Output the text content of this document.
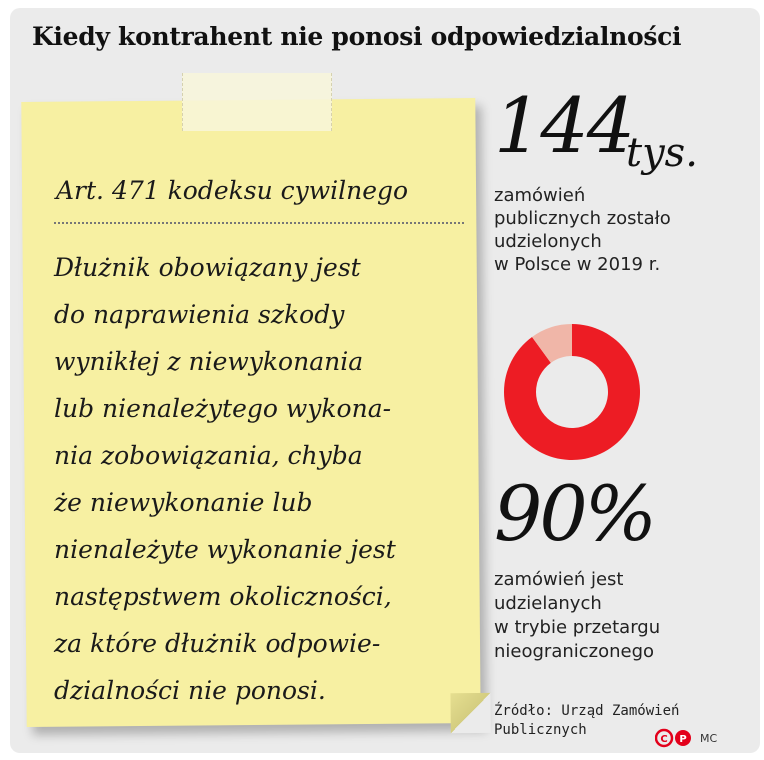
Kiedy kontrahent nie ponosi odpowiedzialności
Art. 471 kodeksu cywilnego
Dłużnik obowiązany jest
do naprawienia szkody
wynikłej z niewykonania
lub nienależytego wykona-
nia zobowiązania, chyba
że niewykonanie lub
nienależyte wykonanie jest
następstwem okoliczności,
za które dłużnik odpowie-
dzialności nie ponosi.
144
tys.
zamówień
publicznych zostało
udzielonych
w Polsce w 2019 r.
90%
zamówień jest
udzielanych
w trybie przetargu
nieograniczonego
Źródło: Urząd Zamówień
Publicznych
C P MC
